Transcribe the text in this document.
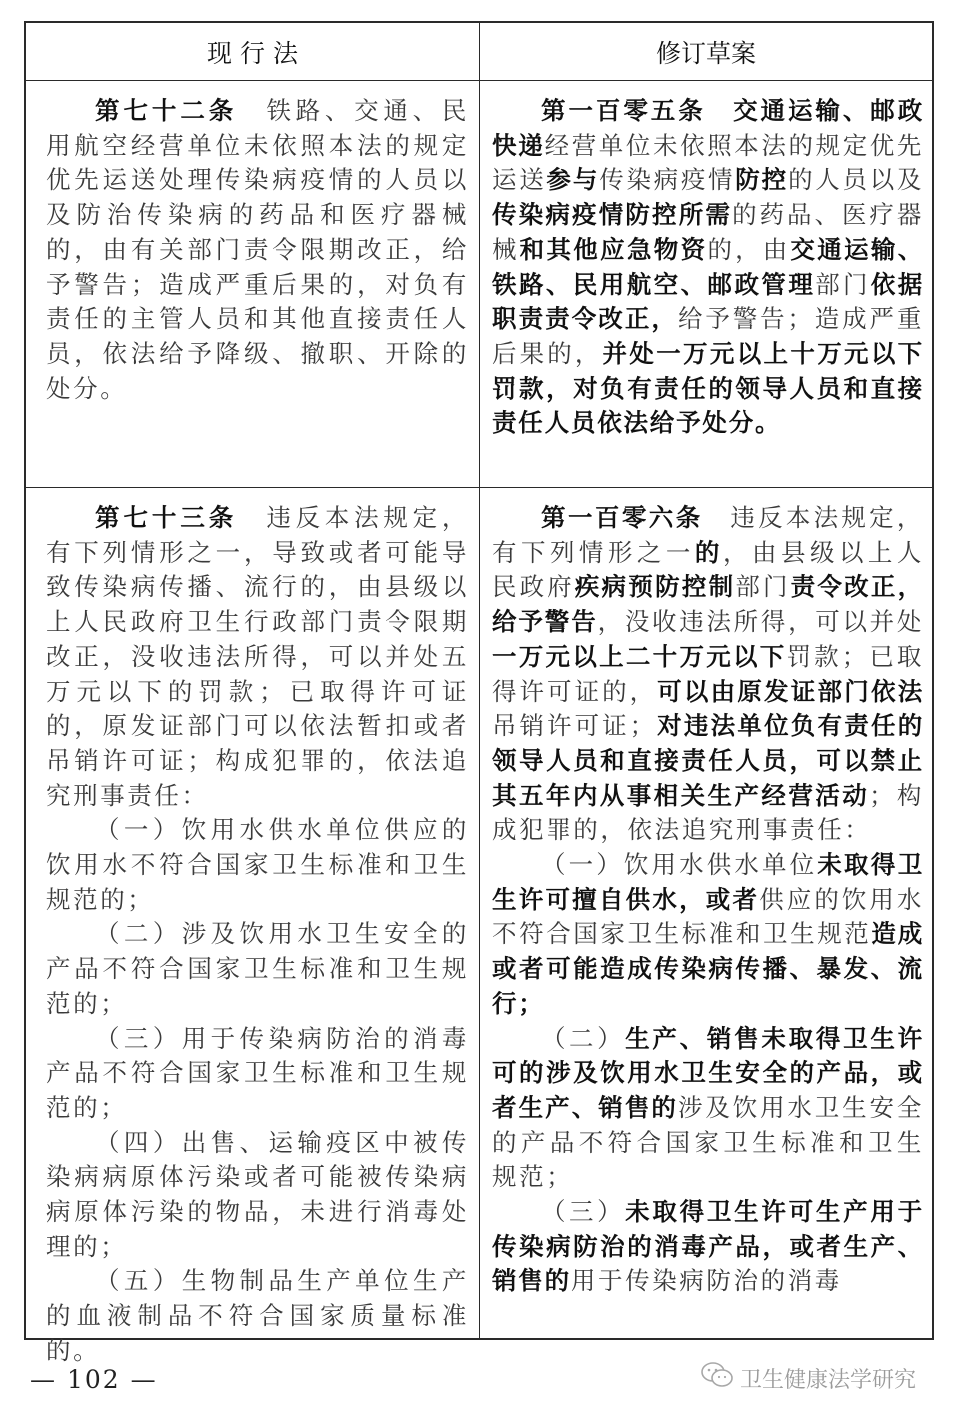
现 行 法	修订草案

第七十二条　铁路、交通、民用航空经营单位未依照本法的规定优先运送处理传染病疫情的人员以及防治传染病的药品和医疗器械的，由有关部门责令限期改正，给予警告；造成严重后果的，对负有责任的主管人员和其他直接责任人员，依法给予降级、撤职、开除的处分。

第一百零五条　交通运输、邮政快递经营单位未依照本法的规定优先运送参与传染病疫情防控的人员以及传染病疫情防控所需的药品、医疗器械和其他应急物资的，由交通运输、铁路、民用航空、邮政管理部门依据职责责令改正，给予警告；造成严重后果的，并处一万元以上十万元以下罚款，对负有责任的领导人员和直接责任人员依法给予处分。

第七十三条　违反本法规定，有下列情形之一，导致或者可能导致传染病传播、流行的，由县级以上人民政府卫生行政部门责令限期改正，没收违法所得，可以并处五万元以下的罚款；已取得许可证的，原发证部门可以依法暂扣或者吊销许可证；构成犯罪的，依法追究刑事责任：

（一）饮用水供水单位供应的饮用水不符合国家卫生标准和卫生规范的；

（二）涉及饮用水卫生安全的产品不符合国家卫生标准和卫生规范的；

（三）用于传染病防治的消毒产品不符合国家卫生标准和卫生规范的；

（四）出售、运输疫区中被传染病病原体污染或者可能被传染病病原体污染的物品，未进行消毒处理的；

（五）生物制品生产单位生产的血液制品不符合国家质量标准的。

第一百零六条　违反本法规定，有下列情形之一的，由县级以上人民政府疾病预防控制部门责令改正，给予警告，没收违法所得，可以并处一万元以上二十万元以下罚款；已取得许可证的，可以由原发证部门依法吊销许可证；对违法单位负有责任的领导人员和直接责任人员，可以禁止其五年内从事相关生产经营活动；构成犯罪的，依法追究刑事责任：

（一）饮用水供水单位未取得卫生许可擅自供水，或者供应的饮用水不符合国家卫生标准和卫生规范造成或者可能造成传染病传播、暴发、流行；

（二）生产、销售未取得卫生许可的涉及饮用水卫生安全的产品，或者生产、销售的涉及饮用水卫生安全的产品不符合国家卫生标准和卫生规范；

（三）未取得卫生许可生产用于传染病防治的消毒产品，或者生产、销售的用于传染病防治的消毒

— 102 —	卫生健康法学研究
